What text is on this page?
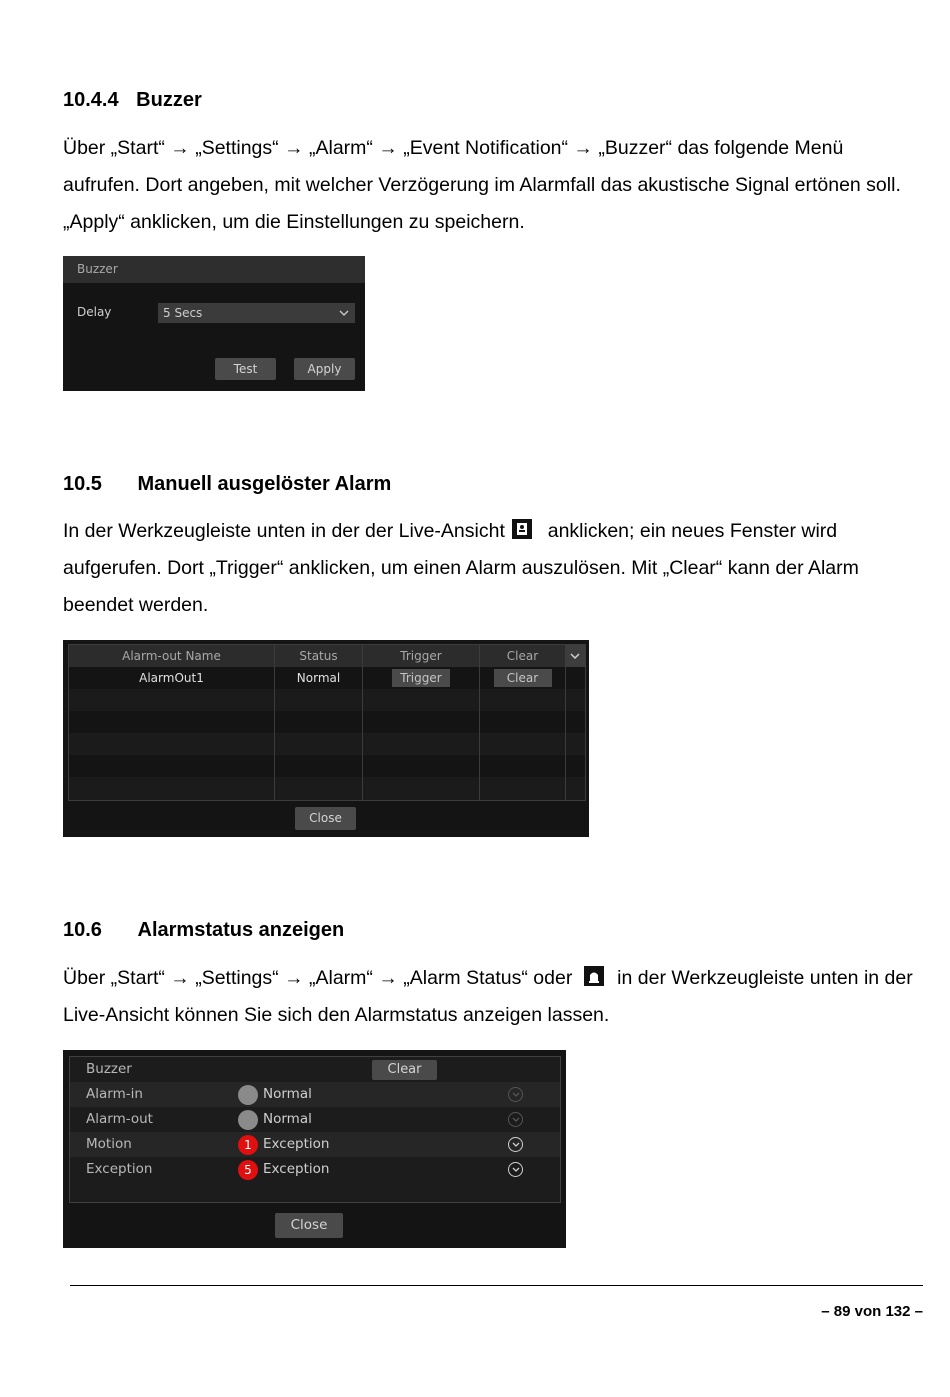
10.4.4 Buzzer

Über „Start“ → „Settings“ → „Alarm“ → „Event Notification“ → „Buzzer“ das folgende Menü aufrufen. Dort angeben, mit welcher Verzögerung im Alarmfall das akustische Signal ertönen soll. „Apply“ anklicken, um die Einstellungen zu speichern.

Buzzer
Delay	5 Secs
Test	Apply
10.5 Manuell ausgelöster Alarm

In der Werkzeugleiste unten in der der Live-Ansicht anklicken; ein neues Fenster wird aufgerufen. Dort „Trigger“ anklicken, um einen Alarm auszulösen. Mit „Clear“ kann der Alarm beendet werden.

Alarm-out Name	Status	Trigger	Clear
AlarmOut1	Normal	Trigger	Clear
Close
10.6 Alarmstatus anzeigen

Über „Start“ → „Settings“ → „Alarm“ → „Alarm Status“ oder in der Werkzeugleiste unten in der Live-Ansicht können Sie sich den Alarmstatus anzeigen lassen.

Buzzer	Clear
Alarm-in	Normal
Alarm-out	Normal
Motion	1 Exception
Exception	5 Exception
Close
– 89 von 132 –
